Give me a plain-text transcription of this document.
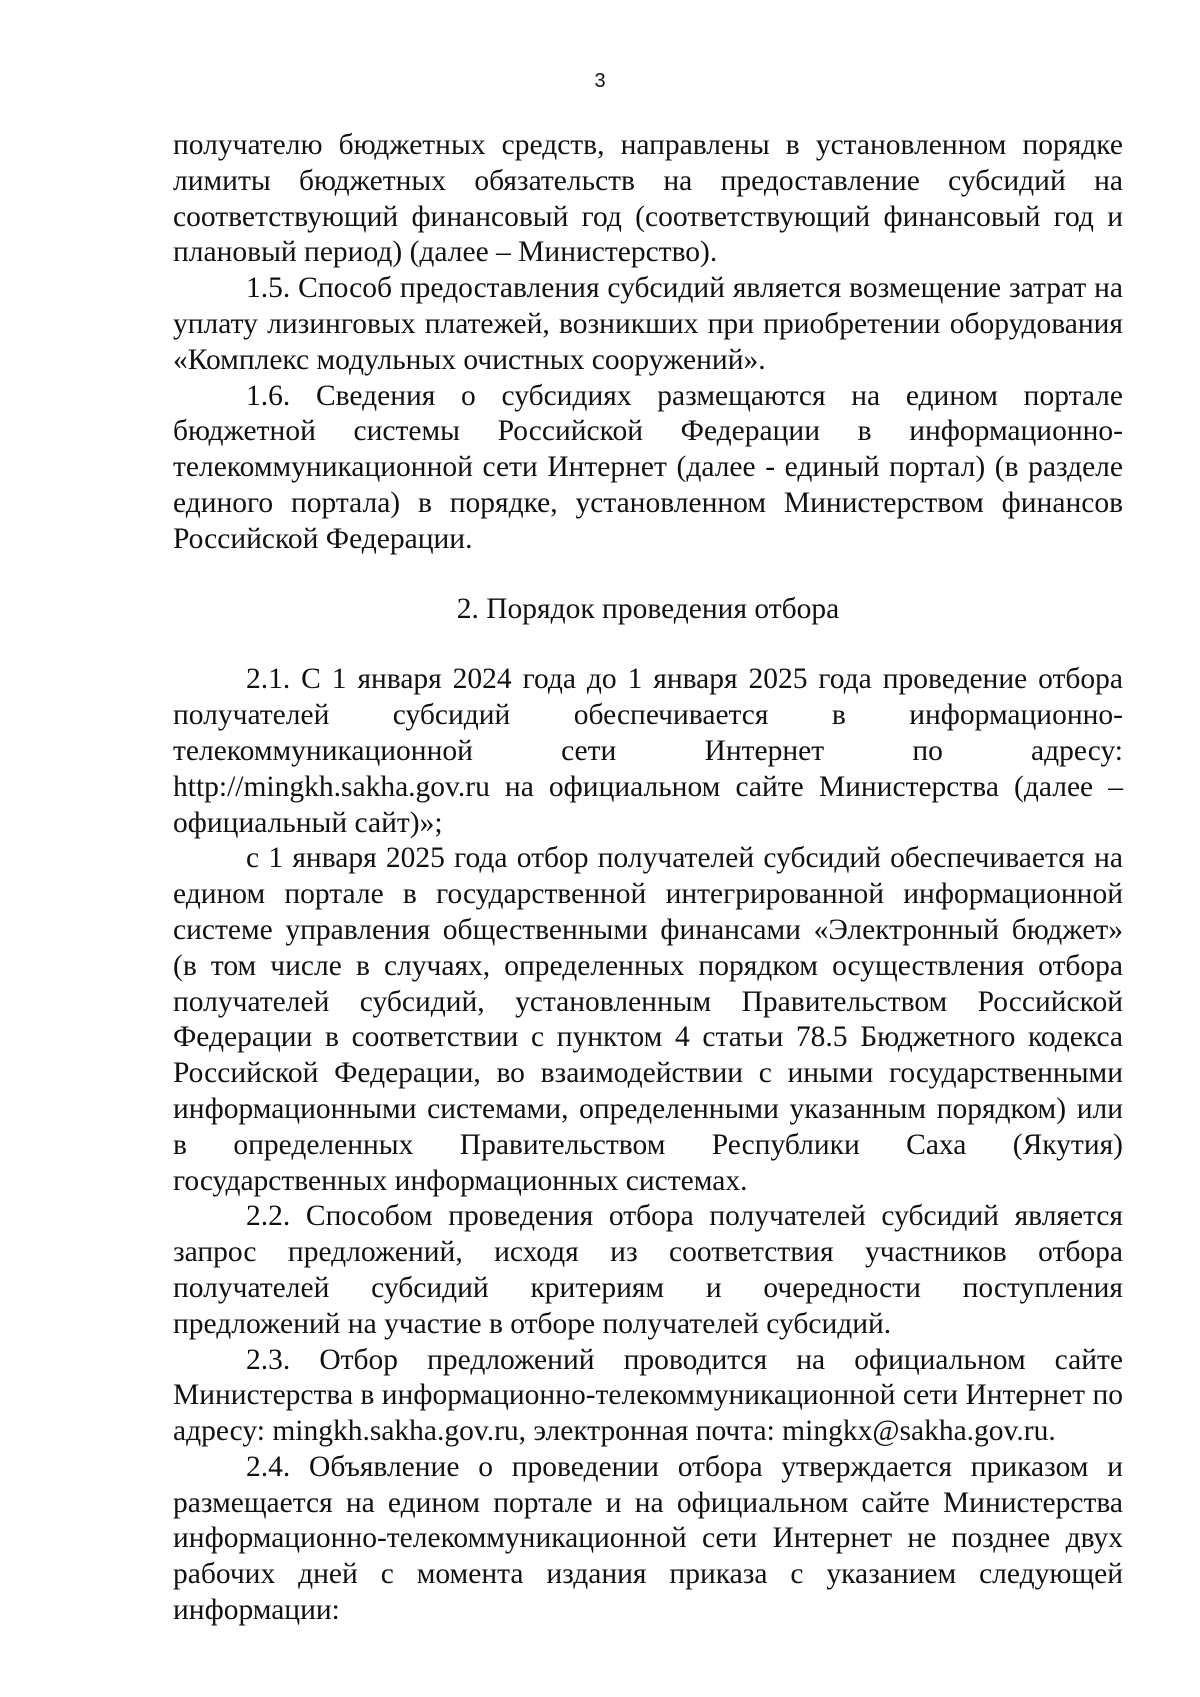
3

получателю бюджетных средств, направлены в установленном порядке лимиты бюджетных обязательств на предоставление субсидий на соответствующий финансовый год (соответствующий финансовый год и плановый период) (далее – Министерство).

1.5. Способ предоставления субсидий является возмещение затрат на уплату лизинговых платежей, возникших при приобретении оборудования «Комплекс модульных очистных сооружений».

1.6. Сведения о субсидиях размещаются на едином портале бюджетной системы Российской Федерации в информационно-телекоммуникационной сети Интернет (далее - единый портал) (в разделе единого портала) в порядке, установленном Министерством финансов Российской Федерации.

2. Порядок проведения отбора

2.1. С 1 января 2024 года до 1 января 2025 года проведение отбора получателей субсидий обеспечивается в информационно-телекоммуникационной сети Интернет по адресу: http://mingkh.sakha.gov.ru на официальном сайте Министерства (далее – официальный сайт)»;

с 1 января 2025 года отбор получателей субсидий обеспечивается на едином портале в государственной интегрированной информационной системе управления общественными финансами «Электронный бюджет» (в том числе в случаях, определенных порядком осуществления отбора получателей субсидий, установленным Правительством Российской Федерации в соответствии с пунктом 4 статьи 78.5 Бюджетного кодекса Российской Федерации, во взаимодействии с иными государственными информационными системами, определенными указанным порядком) или в определенных Правительством Республики Саха (Якутия) государственных информационных системах.

2.2. Способом проведения отбора получателей субсидий является запрос предложений, исходя из соответствия участников отбора получателей субсидий критериям и очередности поступления предложений на участие в отборе получателей субсидий.

2.3. Отбор предложений проводится на официальном сайте Министерства в информационно-телекоммуникационной сети Интернет по адресу: mingkh.sakha.gov.ru, электронная почта: mingkx@sakha.gov.ru.

2.4. Объявление о проведении отбора утверждается приказом и размещается на едином портале и на официальном сайте Министерства информационно-телекоммуникационной сети Интернет не позднее двух рабочих дней с момента издания приказа с указанием следующей информации:
